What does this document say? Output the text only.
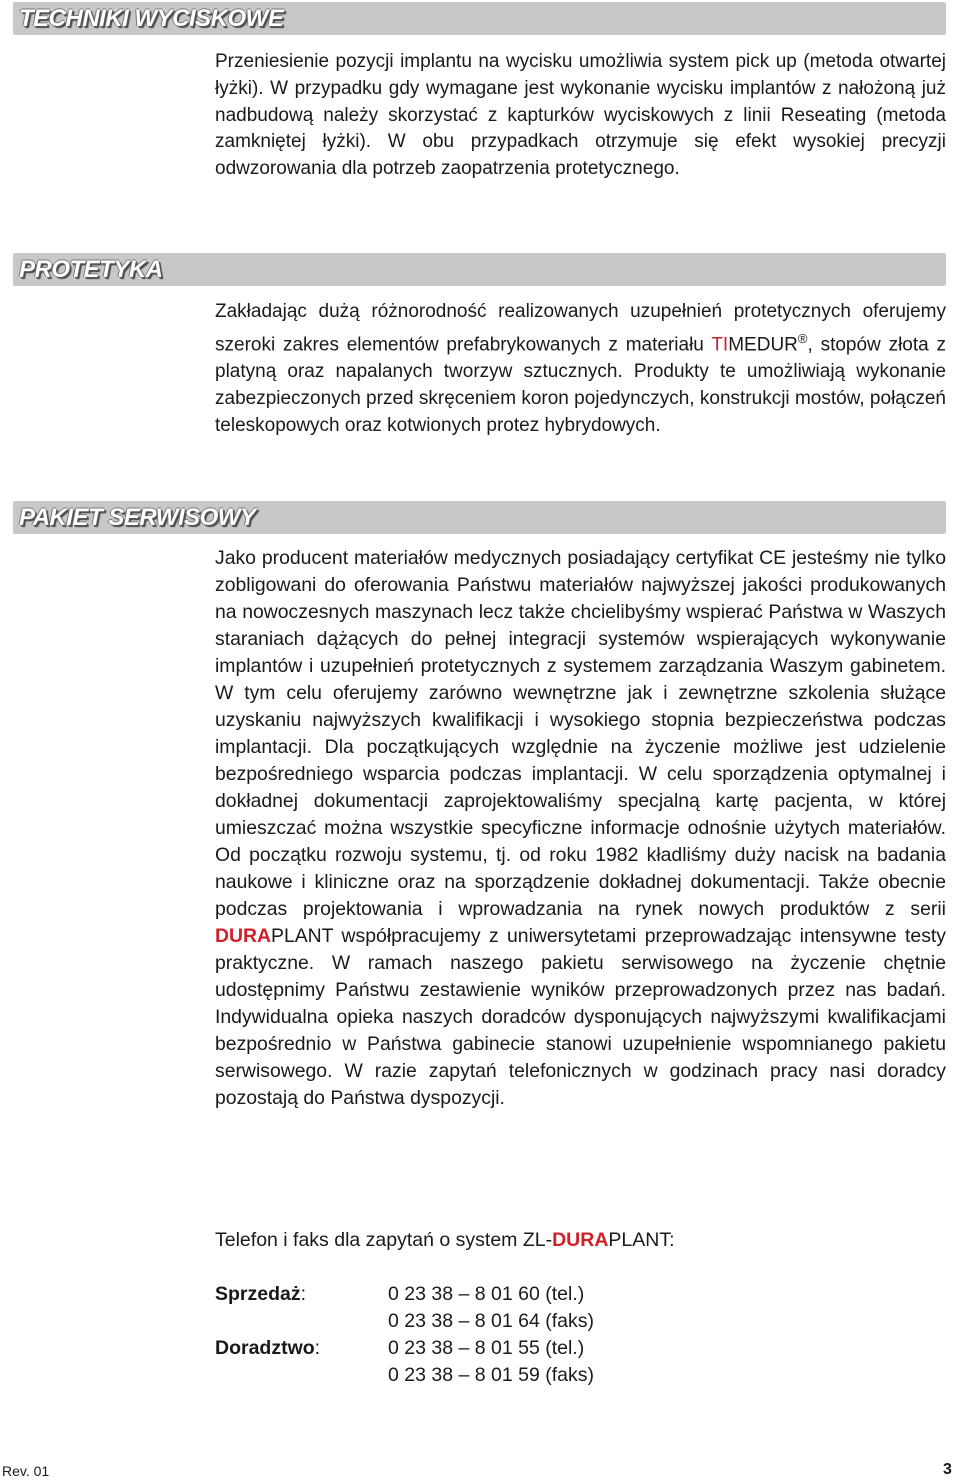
TECHNIKI WYCISKOWE

Przeniesienie pozycji implantu na wycisku umożliwia system pick up (metoda otwartej łyżki). W przypadku gdy wymagane jest wykonanie wycisku implantów z nałożoną już nadbudową należy skorzystać z kapturków wyciskowych z linii Reseating (metoda zamkniętej łyżki). W obu przypadkach otrzymuje się efekt wysokiej precyzji odwzorowania dla potrzeb zaopatrzenia protetycznego.

PROTETYKA

Zakładając dużą różnorodność realizowanych uzupełnień protetycznych oferujemy szeroki zakres elementów prefabrykowanych z materiału TIMEDUR®, stopów złota z platyną oraz napalanych tworzyw sztucznych. Produkty te umożliwiają wykonanie zabezpieczonych przed skręceniem koron pojedynczych, konstrukcji mostów, połączeń teleskopowych oraz kotwionych protez hybrydowych.

PAKIET SERWISOWY

Jako producent materiałów medycznych posiadający certyfikat CE jesteśmy nie tylko zobligowani do oferowania Państwu materiałów najwyższej jakości produkowanych na nowoczesnych maszynach lecz także chcielibyśmy wspierać Państwa w Waszych staraniach dążących do pełnej integracji systemów wspierających wykonywanie implantów i uzupełnień protetycznych z systemem zarządzania Waszym gabinetem. W tym celu oferujemy zarówno wewnętrzne jak i zewnętrzne szkolenia służące uzyskaniu najwyższych kwalifikacji i wysokiego stopnia bezpieczeństwa podczas implantacji. Dla początkujących względnie na życzenie możliwe jest udzielenie bezpośredniego wsparcia podczas implantacji. W celu sporządzenia optymalnej i dokładnej dokumentacji zaprojektowaliśmy specjalną kartę pacjenta, w której umieszczać można wszystkie specyficzne informacje odnośnie użytych materiałów. Od początku rozwoju systemu, tj. od roku 1982 kładliśmy duży nacisk na badania naukowe i kliniczne oraz na sporządzenie dokładnej dokumentacji. Także obecnie podczas projektowania i wprowadzania na rynek nowych produktów z serii DURAPLANT współpracujemy z uniwersytetami przeprowadzając intensywne testy praktyczne. W ramach naszego pakietu serwisowego na życzenie chętnie udostępnimy Państwu zestawienie wyników przeprowadzonych przez nas badań. Indywidualna opieka naszych doradców dysponujących najwyższymi kwalifikacjami bezpośrednio w Państwa gabinecie stanowi uzupełnienie wspomnianego pakietu serwisowego. W razie zapytań telefonicznych w godzinach pracy nasi doradcy pozostają do Państwa dyspozycji.

Telefon i faks dla zapytań o system ZL-DURAPLANT:
Sprzedaż:	0 23 38 – 8 01 60 (tel.)
0 23 38 – 8 01 64 (faks)
Doradztwo:	0 23 38 – 8 01 55 (tel.)
0 23 38 – 8 01 59 (faks)
Rev. 01	3
